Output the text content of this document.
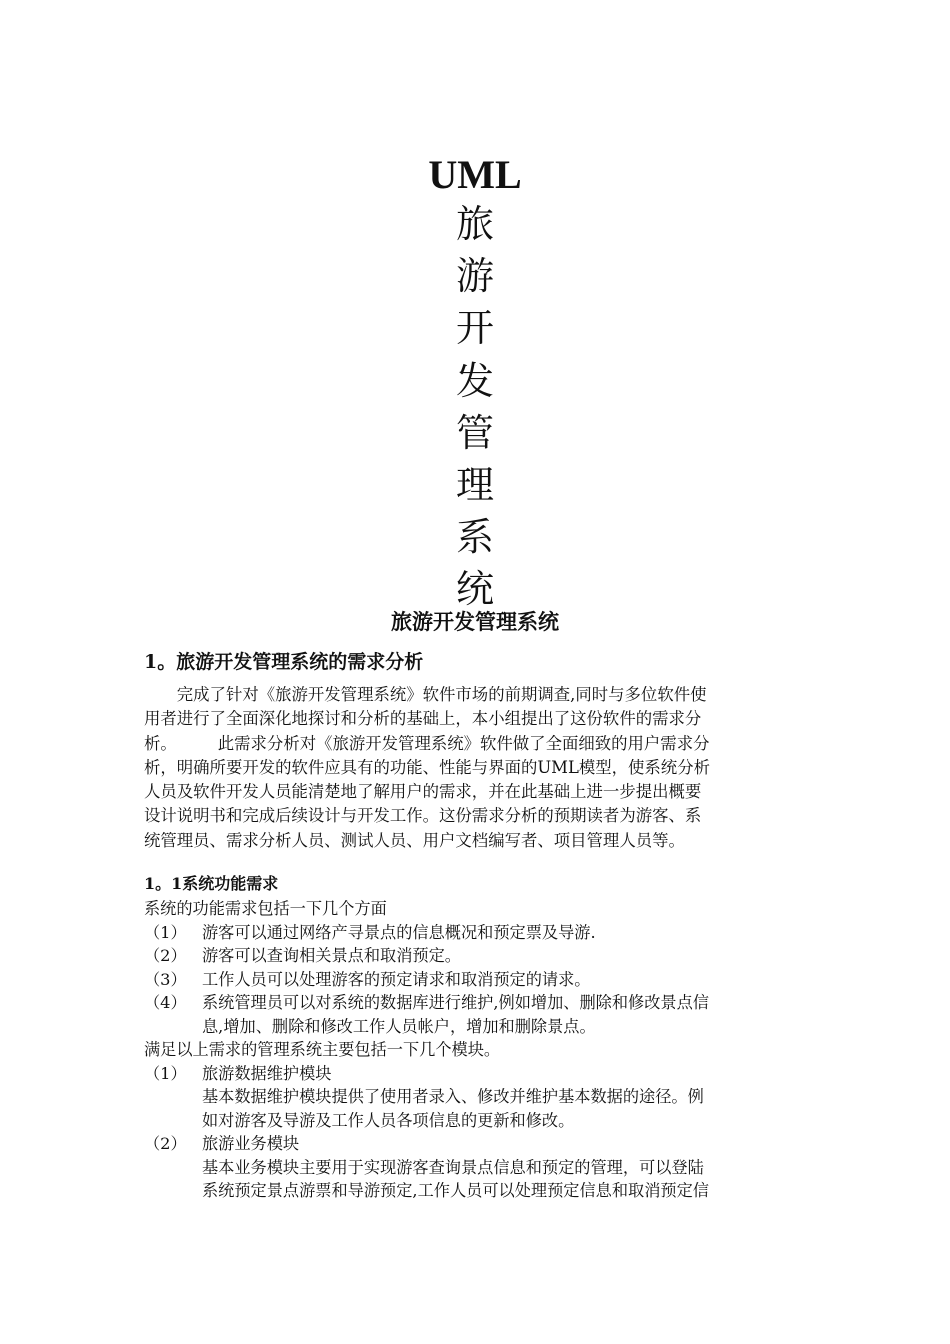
UML
旅
游
开
发
管
理
系
统
旅游开发管理系统
1。旅游开发管理系统的需求分析
　　完成了针对《旅游开发管理系统》软件市场的前期调查,同时与多位软件使
用者进行了全面深化地探讨和分析的基础上，本小组提出了这份软件的需求分
析。　　　此需求分析对《旅游开发管理系统》软件做了全面细致的用户需求分
析，明确所要开发的软件应具有的功能、性能与界面的UML模型，使系统分析
人员及软件开发人员能清楚地了解用户的需求，并在此基础上进一步提出概要
设计说明书和完成后续设计与开发工作。这份需求分析的预期读者为游客、系
统管理员、需求分析人员、测试人员、用户文档编写者、项目管理人员等。
1。1系统功能需求
系统的功能需求包括一下几个方面
（1） 游客可以通过网络产寻景点的信息概况和预定票及导游.
（2） 游客可以查询相关景点和取消预定。
（3） 工作人员可以处理游客的预定请求和取消预定的请求。
（4） 系统管理员可以对系统的数据库进行维护,例如增加、删除和修改景点信
息,增加、删除和修改工作人员帐户，增加和删除景点。
满足以上需求的管理系统主要包括一下几个模块。
（1） 旅游数据维护模块
基本数据维护模块提供了使用者录入、修改并维护基本数据的途径。例
如对游客及导游及工作人员各项信息的更新和修改。
（2） 旅游业务模块
基本业务模块主要用于实现游客查询景点信息和预定的管理，可以登陆
系统预定景点游票和导游预定,工作人员可以处理预定信息和取消预定信
